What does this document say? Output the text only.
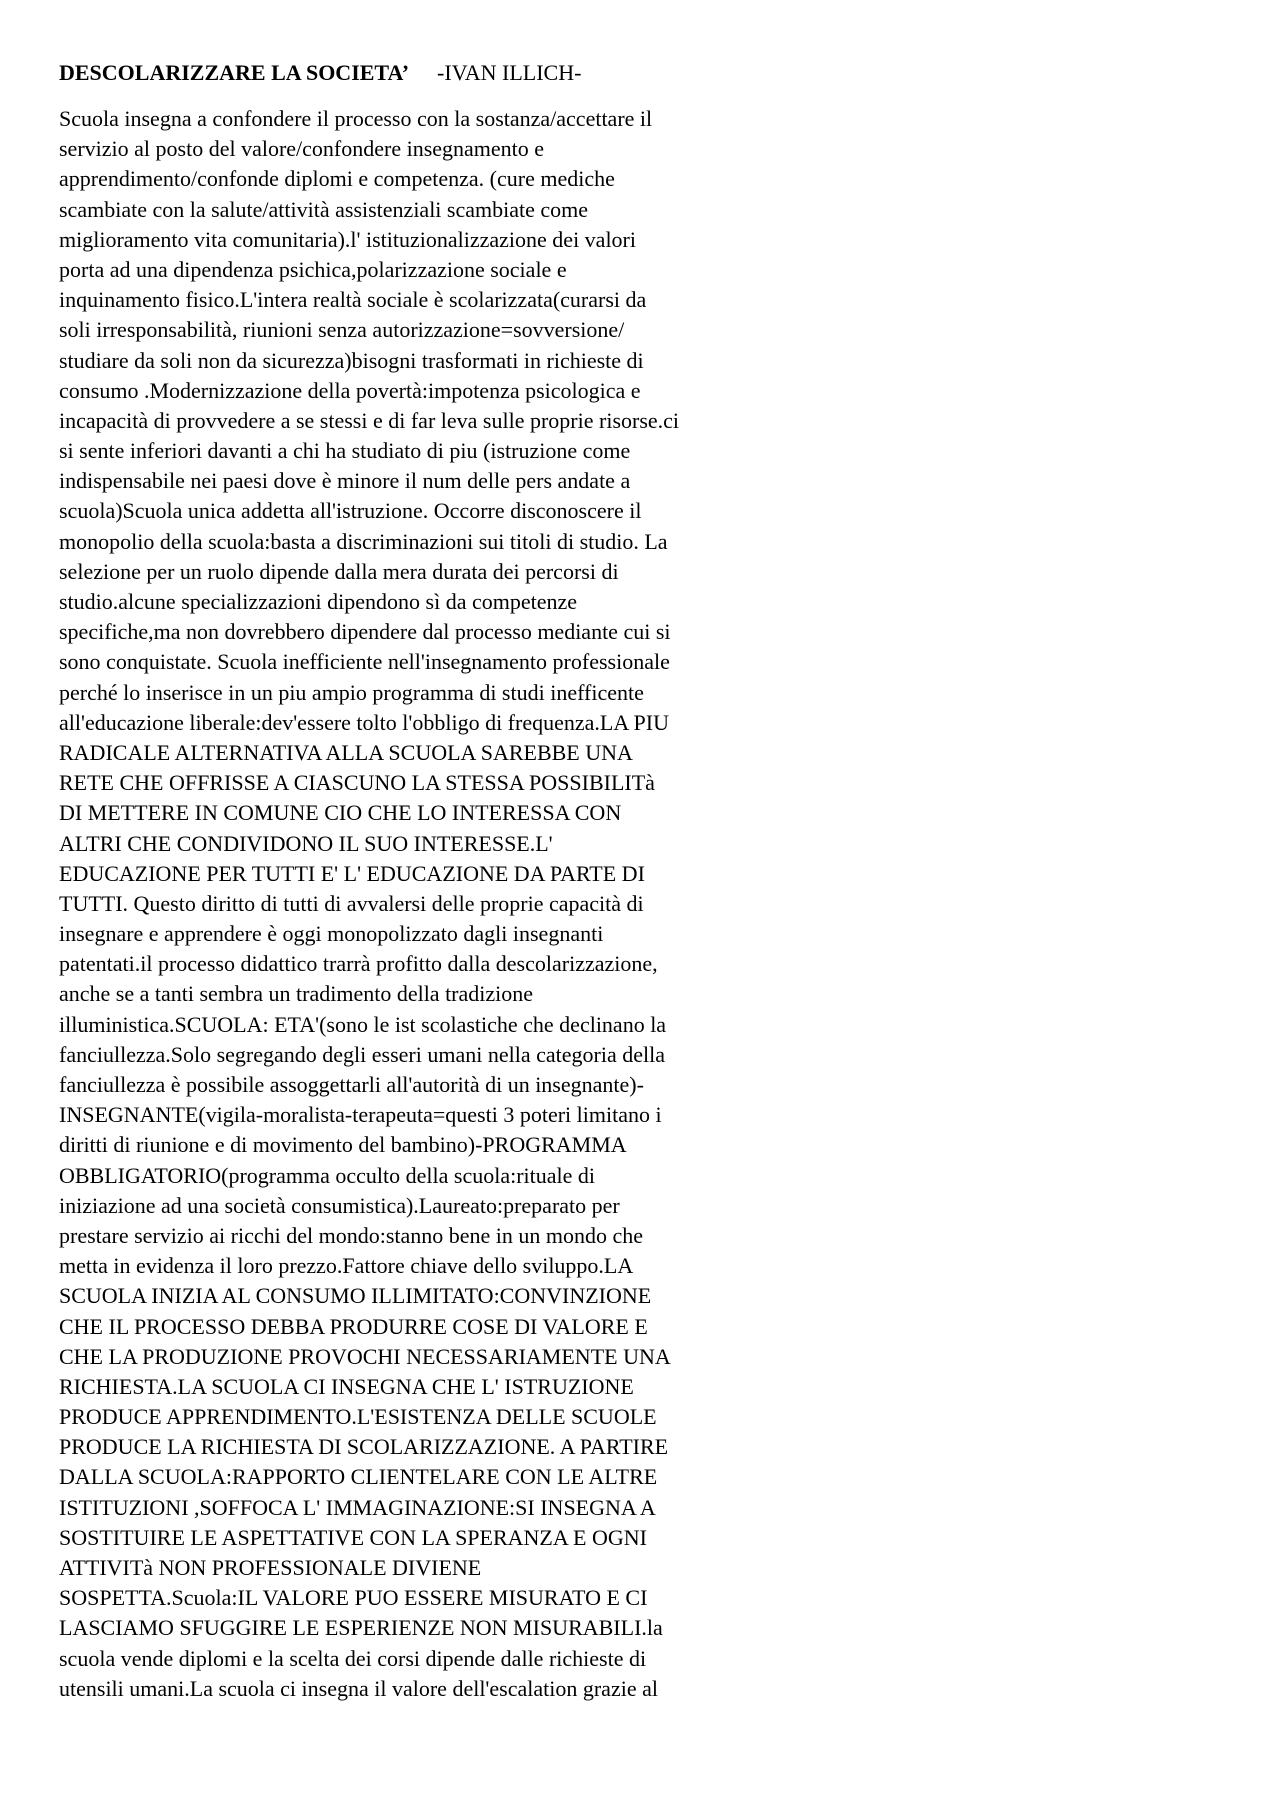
DESCOLARIZZARE LA SOCIETA’ -IVAN ILLICH-
Scuola insegna a confondere il processo con la sostanza/accettare il
servizio al posto del valore/confondere insegnamento e
apprendimento/confonde diplomi e competenza. (cure mediche
scambiate con la salute/attività assistenziali scambiate come
miglioramento vita comunitaria).l' istituzionalizzazione dei valori
porta ad una dipendenza psichica,polarizzazione sociale e
inquinamento fisico.L'intera realtà sociale è scolarizzata(curarsi da
soli irresponsabilità, riunioni senza autorizzazione=sovversione/
studiare da soli non da sicurezza)bisogni trasformati in richieste di
consumo .Modernizzazione della povertà:impotenza psicologica e
incapacità di provvedere a se stessi e di far leva sulle proprie risorse.ci
si sente inferiori davanti a chi ha studiato di piu (istruzione come
indispensabile nei paesi dove è minore il num delle pers andate a
scuola)Scuola unica addetta all'istruzione. Occorre disconoscere il
monopolio della scuola:basta a discriminazioni sui titoli di studio. La
selezione per un ruolo dipende dalla mera durata dei percorsi di
studio.alcune specializzazioni dipendono sì da competenze
specifiche,ma non dovrebbero dipendere dal processo mediante cui si
sono conquistate. Scuola inefficiente nell'insegnamento professionale
perché lo inserisce in un piu ampio programma di studi inefficente
all'educazione liberale:dev'essere tolto l'obbligo di frequenza.LA PIU
RADICALE ALTERNATIVA ALLA SCUOLA SAREBBE UNA
RETE CHE OFFRISSE A CIASCUNO LA STESSA POSSIBILITà
DI METTERE IN COMUNE CIO CHE LO INTERESSA CON
ALTRI CHE CONDIVIDONO IL SUO INTERESSE.L'
EDUCAZIONE PER TUTTI E' L' EDUCAZIONE DA PARTE DI
TUTTI. Questo diritto di tutti di avvalersi delle proprie capacità di
insegnare e apprendere è oggi monopolizzato dagli insegnanti
patentati.il processo didattico trarrà profitto dalla descolarizzazione,
anche se a tanti sembra un tradimento della tradizione
illuministica.SCUOLA: ETA'(sono le ist scolastiche che declinano la
fanciullezza.Solo segregando degli esseri umani nella categoria della
fanciullezza è possibile assoggettarli all'autorità di un insegnante)-
INSEGNANTE(vigila-moralista-terapeuta=questi 3 poteri limitano i
diritti di riunione e di movimento del bambino)-PROGRAMMA
OBBLIGATORIO(programma occulto della scuola:rituale di
iniziazione ad una società consumistica).Laureato:preparato per
prestare servizio ai ricchi del mondo:stanno bene in un mondo che
metta in evidenza il loro prezzo.Fattore chiave dello sviluppo.LA
SCUOLA INIZIA AL CONSUMO ILLIMITATO:CONVINZIONE
CHE IL PROCESSO DEBBA PRODURRE COSE DI VALORE E
CHE LA PRODUZIONE PROVOCHI NECESSARIAMENTE UNA
RICHIESTA.LA SCUOLA CI INSEGNA CHE L' ISTRUZIONE
PRODUCE APPRENDIMENTO.L'ESISTENZA DELLE SCUOLE
PRODUCE LA RICHIESTA DI SCOLARIZZAZIONE. A PARTIRE
DALLA SCUOLA:RAPPORTO CLIENTELARE CON LE ALTRE
ISTITUZIONI ,SOFFOCA L' IMMAGINAZIONE:SI INSEGNA A
SOSTITUIRE LE ASPETTATIVE CON LA SPERANZA E OGNI
ATTIVITà NON PROFESSIONALE DIVIENE
SOSPETTA.Scuola:IL VALORE PUO ESSERE MISURATO E CI
LASCIAMO SFUGGIRE LE ESPERIENZE NON MISURABILI.la
scuola vende diplomi e la scelta dei corsi dipende dalle richieste di
utensili umani.La scuola ci insegna il valore dell'escalation grazie al
